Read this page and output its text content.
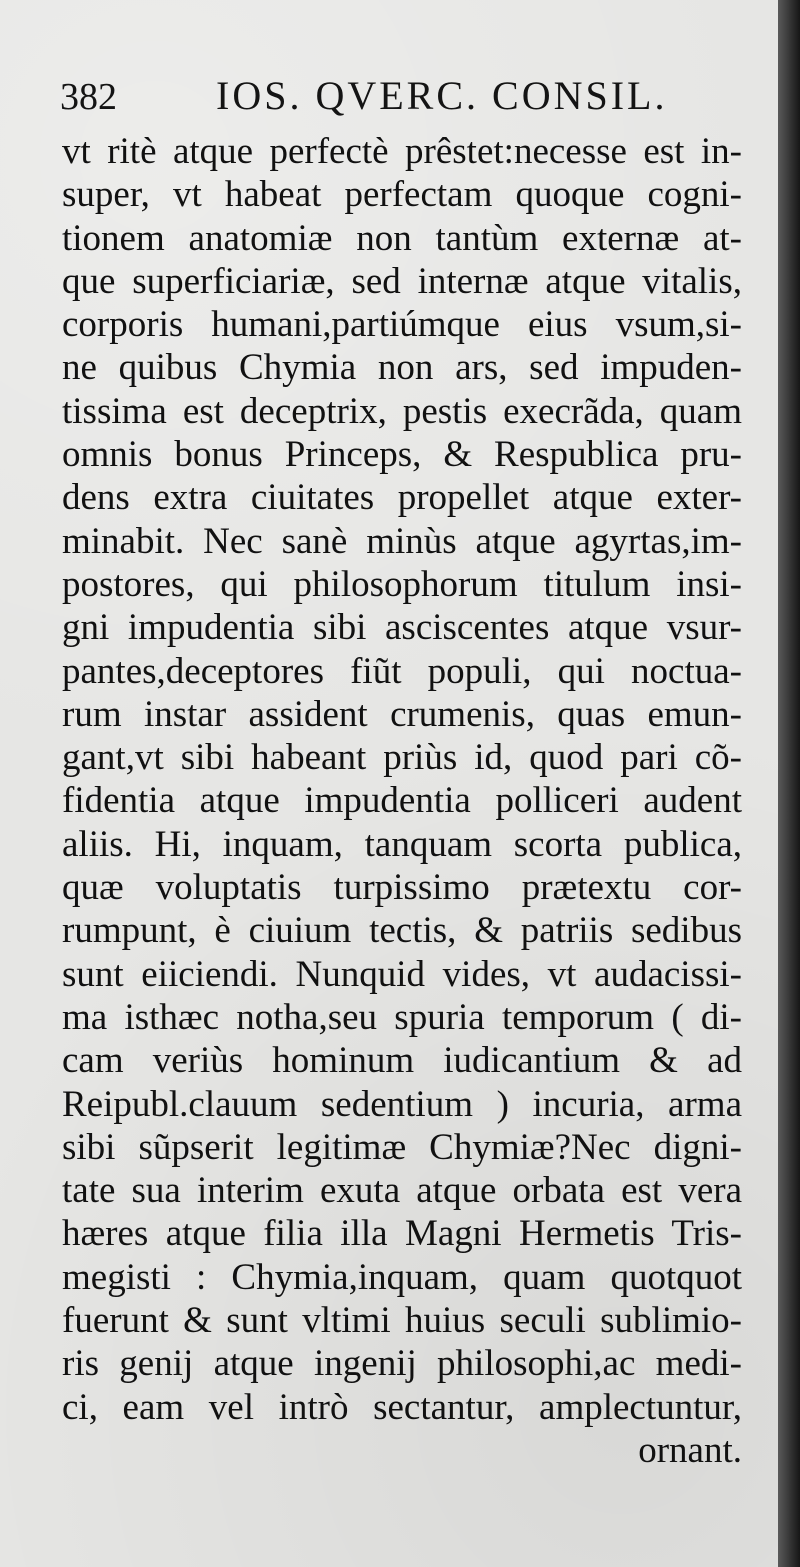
382 IOS. QVERC. CONSIL.
vt ritè atque perfectè prêstet:necesse est in-
super, vt habeat perfectam quoque cogni-
tionem anatomiæ non tantùm externæ at-
que superficiariæ, sed internæ atque vitalis,
corporis humani,partiúmque eius vsum,si-
ne quibus Chymia non ars, sed impuden-
tissima est deceptrix, pestis execrãda, quam
omnis bonus Princeps, & Respublica pru-
dens extra ciuitates propellet atque exter-
minabit. Nec sanè minùs atque agyrtas,im-
postores, qui philosophorum titulum insi-
gni impudentia sibi asciscentes atque vsur-
pantes,deceptores fiũt populi, qui noctua-
rum instar assident crumenis, quas emun-
gant,vt sibi habeant priùs id, quod pari cõ-
fidentia atque impudentia polliceri audent
aliis. Hi, inquam, tanquam scorta publica,
quæ voluptatis turpissimo prætextu cor-
rumpunt, è ciuium tectis, & patriis sedibus
sunt eiiciendi. Nunquid vides, vt audacissi-
ma isthæc notha,seu spuria temporum ( di-
cam veriùs hominum iudicantium & ad
Reipubl.clauum sedentium ) incuria, arma
sibi sũpserit legitimæ Chymiæ?Nec digni-
tate sua interim exuta atque orbata est vera
hæres atque filia illa Magni Hermetis Tris-
megisti : Chymia,inquam, quam quotquot
fuerunt & sunt vltimi huius seculi sublimio-
ris genij atque ingenij philosophi,ac medi-
ci, eam vel intrò sectantur, amplectuntur,
ornant.
